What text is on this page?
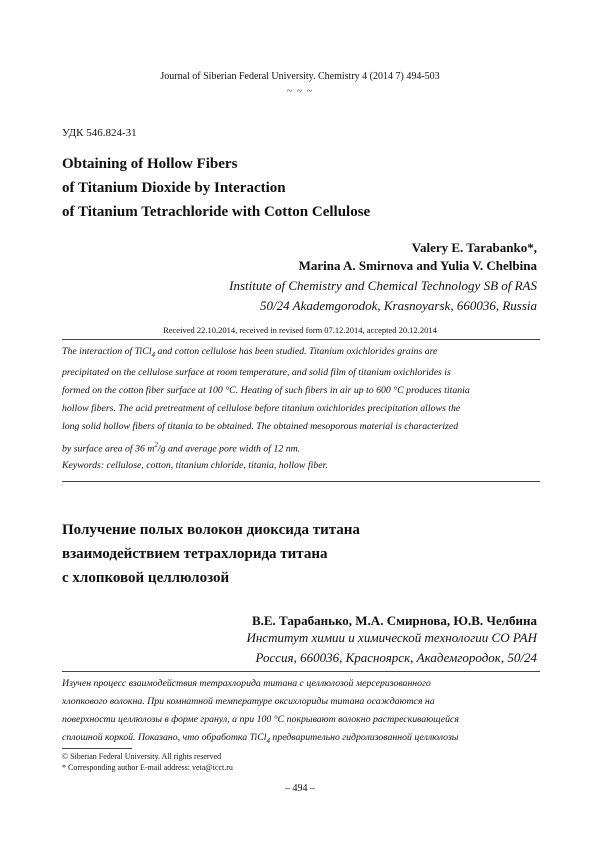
Journal of Siberian Federal University. Chemistry 4 (2014 7) 494-503
~ ~ ~
УДК 546.824-31
Obtaining of Hollow Fibers
of Titanium Dioxide by Interaction
of Titanium Tetrachloride with Cotton Cellulose
Valery E. Tarabanko*,
Marina A. Smirnova and Yulia V. Chelbina
Institute of Chemistry and Chemical Technology SB of RAS
50/24 Akademgorodok, Krasnoyarsk, 660036, Russia
Received 22.10.2014, received in revised form 07.12.2014, accepted 20.12.2014
The interaction of TiCl$_4$ and cotton cellulose has been studied. Titanium oxichlorides grains are
precipitated on the cellulose surface at room temperature, and solid film of titanium oxichlorides is
formed on the cotton fiber surface at 100 °C. Heating of such fibers in air up to 600 °C produces titania
hollow fibers. The acid pretreatment of cellulose before titanium oxichlorides precipitation allows the
long solid hollow fibers of titania to be obtained. The obtained mesoporous material is characterized
by surface area of 36 $m^2/g$ and average pore width of 12 nm.
Keywords: cellulose, cotton, titanium chloride, titania, hollow fiber.
Получение полых волокон диоксида титана
взаимодействием тетрахлорида титана
с хлопковой целлюлозой
В.Е. Тарабанько, М.А. Смирнова, Ю.В. Челбина
Институт химии и химической технологии СО РАН
Россия, 660036, Красноярск, Академгородок, 50/24
Изучен процесс взаимодействия тетрахлорида титана с целлюлозой мерсеризованного
хлопкового волокна. При комнатной температуре оксихлориды титана осаждаются на
поверхности целлюлозы в форме гранул, а при 100 °С покрывают волокно растрескивающейся
сплошной коркой. Показано, что обработка TiCl$_4$ предварительно гидролизованной целлюлозы
© Siberian Federal University. All rights reserved
* Corresponding author E-mail address: veta@icct.ru
– 494 –
